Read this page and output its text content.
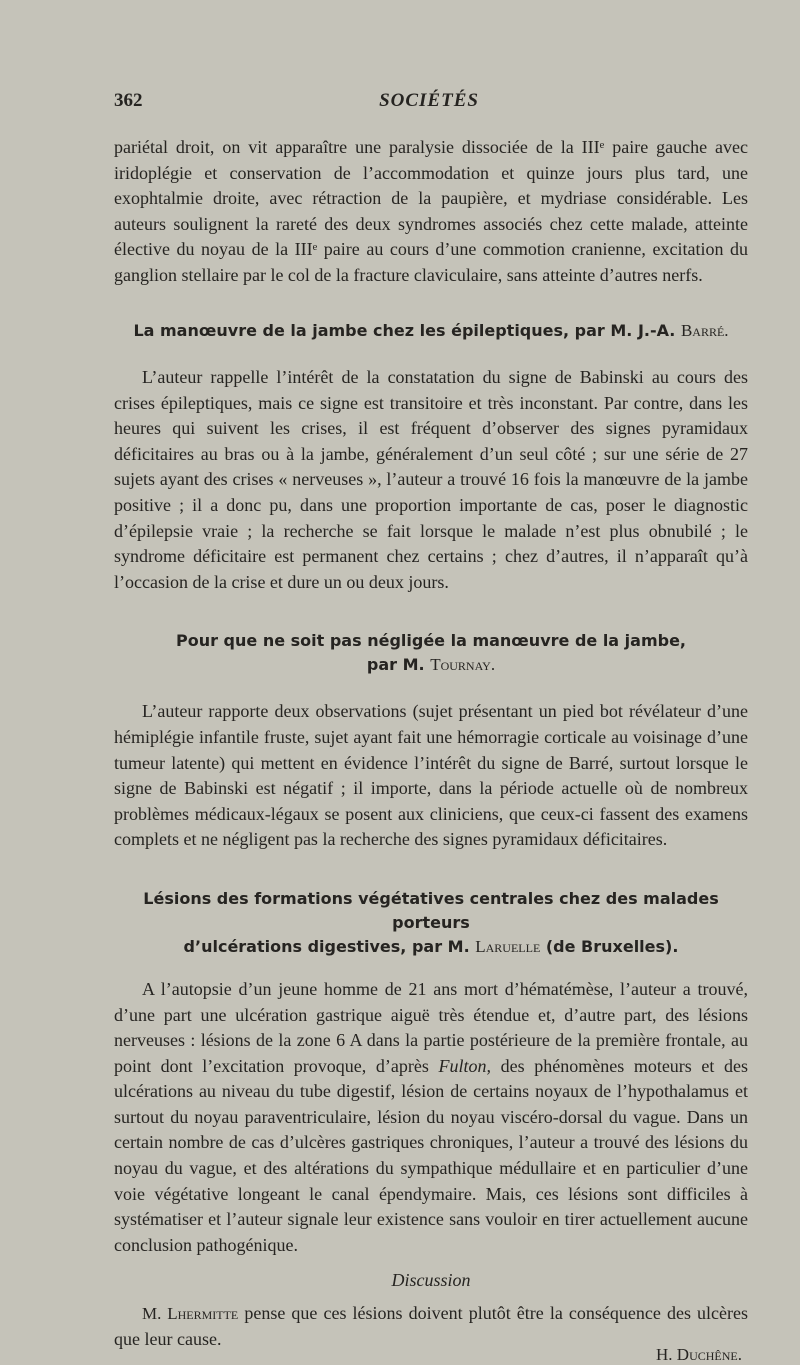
362	SOCIÉTÉS

pariétal droit, on vit apparaître une paralysie dissociée de la IIIᵉ paire gauche avec iridoplégie et conservation de l’accommodation et quinze jours plus tard, une exophtalmie droite, avec rétraction de la paupière, et mydriase considérable. Les auteurs soulignent la rareté des deux syndromes associés chez cette malade, atteinte élective du noyau de la IIIᵉ paire au cours d’une commotion cranienne, excitation du ganglion stellaire par le col de la fracture claviculaire, sans atteinte d’autres nerfs.

La manœuvre de la jambe chez les épileptiques, par M. J.-A. Barré.

L’auteur rappelle l’intérêt de la constatation du signe de Babinski au cours des crises épileptiques, mais ce signe est transitoire et très inconstant. Par contre, dans les heures qui suivent les crises, il est fréquent d’observer des signes pyramidaux déficitaires au bras ou à la jambe, généralement d’un seul côté ; sur une série de 27 sujets ayant des crises « nerveuses », l’auteur a trouvé 16 fois la manœuvre de la jambe positive ; il a donc pu, dans une proportion importante de cas, poser le diagnostic d’épilepsie vraie ; la recherche se fait lorsque le malade n’est plus obnubilé ; le syndrome déficitaire est permanent chez certains ; chez d’autres, il n’apparaît qu’à l’occasion de la crise et dure un ou deux jours.

Pour que ne soit pas négligée la manœuvre de la jambe,
par M. Tournay.

L’auteur rapporte deux observations (sujet présentant un pied bot révélateur d’une hémiplégie infantile fruste, sujet ayant fait une hémorragie corticale au voisinage d’une tumeur latente) qui mettent en évidence l’intérêt du signe de Barré, surtout lorsque le signe de Babinski est négatif ; il importe, dans la période actuelle où de nombreux problèmes médicaux-légaux se posent aux cliniciens, que ceux-ci fassent des examens complets et ne négligent pas la recherche des signes pyramidaux déficitaires.

Lésions des formations végétatives centrales chez des malades porteurs
d’ulcérations digestives, par M. Laruelle (de Bruxelles).

A l’autopsie d’un jeune homme de 21 ans mort d’hématémèse, l’auteur a trouvé, d’une part une ulcération gastrique aiguë très étendue et, d’autre part, des lésions nerveuses : lésions de la zone 6 A dans la partie postérieure de la première frontale, au point dont l’excitation provoque, d’après Fulton, des phénomènes moteurs et des ulcérations au niveau du tube digestif, lésion de certains noyaux de l’hypothalamus et surtout du noyau paraventriculaire, lésion du noyau viscéro-dorsal du vague. Dans un certain nombre de cas d’ulcères gastriques chroniques, l’auteur a trouvé des lésions du noyau du vague, et des altérations du sympathique médullaire et en particulier d’une voie végétative longeant le canal épendymaire. Mais, ces lésions sont difficiles à systématiser et l’auteur signale leur existence sans vouloir en tirer actuellement aucune conclusion pathogénique.

Discussion

M. Lhermitte pense que ces lésions doivent plutôt être la conséquence des ulcères que leur cause.

H. Duchêne.
